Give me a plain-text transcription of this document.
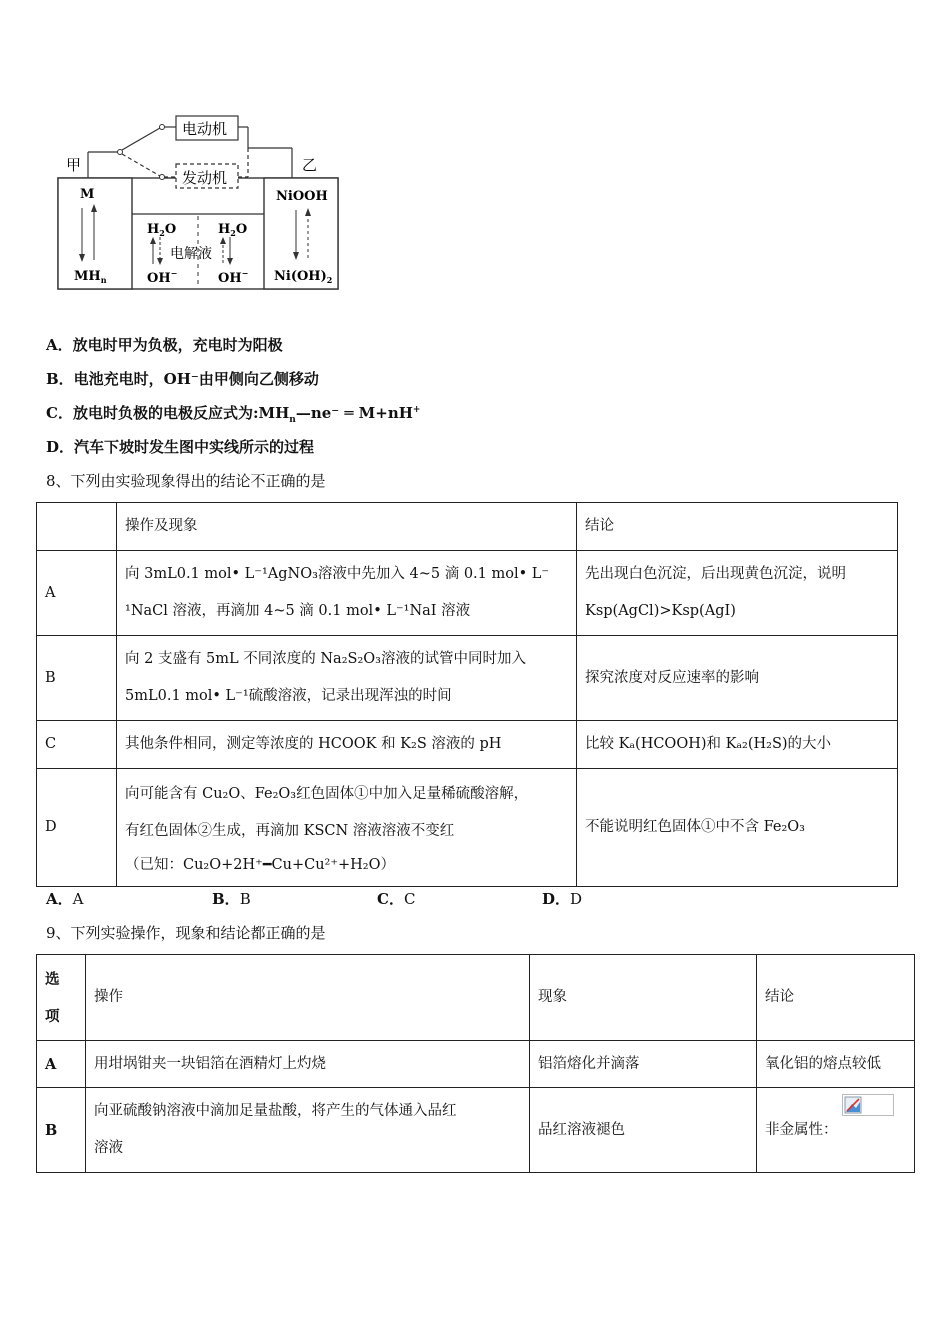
甲	乙
电动机
发动机
电解液
M
$MH_n$
NiOOH
$Ni(OH)_2$
$H_2O$
OH−
$H_2O$
OH−
A．放电时甲为负极，充电时为阳极
B．电池充电时，OH⁻由甲侧向乙侧移动
C．放电时负极的电极反应式为$:MH_n—ne^-$ ═ M+nH+
D．汽车下坡时发生图中实线所示的过程
8、下列由实验现象得出的结论不正确的是
	操作及现象	结论
A	向 3mL0.1 mol• L⁻¹AgNO₃溶液中先加入 4~5 滴 0.1 mol• L⁻
¹NaCl 溶液，再滴加 4~5 滴 0.1 mol• L⁻¹NaI 溶液	先出现白色沉淀，后出现黄色沉淀，说明
Ksp(AgCl)>Ksp(AgI)

B	向 2 支盛有 5mL 不同浓度的 Na₂S₂O₃溶液的试管中同时加入
5mL0.1 mol• L⁻¹硫酸溶液，记录出现浑浊的时间	探究浓度对反应速率的影响

C	其他条件相同，测定等浓度的 HCOOK 和 K₂S 溶液的 pH	比较 Kₐ(HCOOH)和 Kₐ₂(H₂S)的大小

D	向可能含有 Cu₂O、Fe₂O₃红色固体①中加入足量稀硫酸溶解，
有红色固体②生成，再滴加 KSCN 溶液溶液不变红
（已知：Cu₂O+2H⁺━Cu+Cu²⁺+H₂O）	不能说明红色固体①中不含 Fe₂O₃
A．A	B．B	C．C	D．D
9、下列实验操作，现象和结论都正确的是
选
项	操作	现象	结论
A	用坩埚钳夹一块铝箔在酒精灯上灼烧	铝箔熔化并滴落	氧化铝的熔点较低
B	向亚硫酸钠溶液中滴加足量盐酸，将产生的气体通入品红
溶液	品红溶液褪色	非金属性：
